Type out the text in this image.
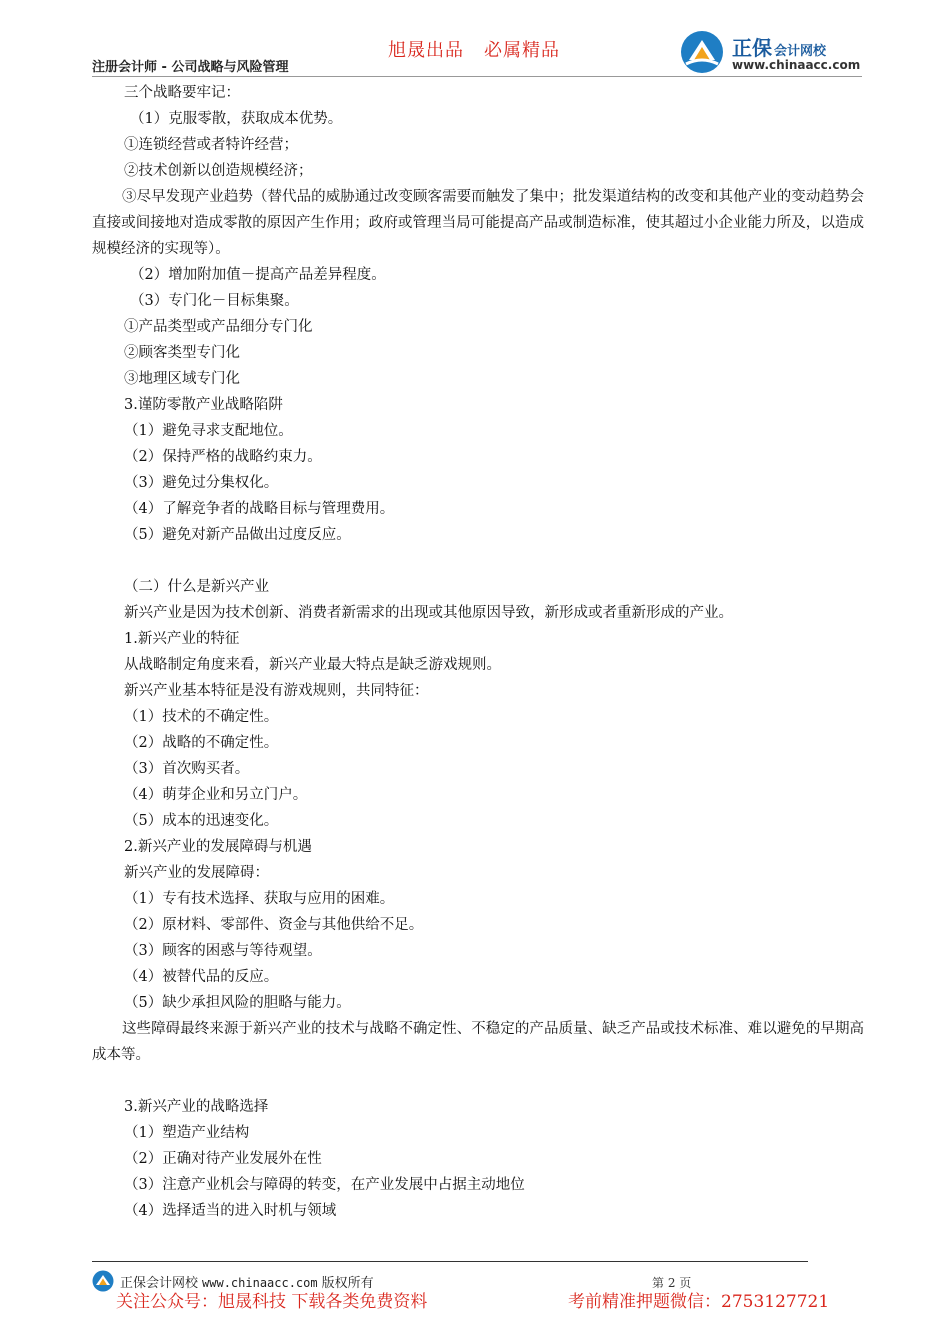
注册会计师 - 公司战略与风险管理
旭晟出品 必属精品	正保 会计网校
www.chinaacc.com

三个战略要牢记：

（1）克服零散，获取成本优势。

①连锁经营或者特许经营；

②技术创新以创造规模经济；

③尽早发现产业趋势（替代品的威胁通过改变顾客需要而触发了集中；批发渠道结构的改变和其他产业的变动趋势会直接或间接地对造成零散的原因产生作用；政府或管理当局可能提高产品或制造标准，使其超过小企业能力所及，以造成规模经济的实现等）。

（2）增加附加值－提高产品差异程度。

（3）专门化－目标集聚。

①产品类型或产品细分专门化

②顾客类型专门化

③地理区域专门化

3.谨防零散产业战略陷阱

（1）避免寻求支配地位。

（2）保持严格的战略约束力。

（3）避免过分集权化。

（4）了解竞争者的战略目标与管理费用。

（5）避免对新产品做出过度反应。

（二）什么是新兴产业

新兴产业是因为技术创新、消费者新需求的出现或其他原因导致，新形成或者重新形成的产业。

1.新兴产业的特征

从战略制定角度来看，新兴产业最大特点是缺乏游戏规则。

新兴产业基本特征是没有游戏规则，共同特征：

（1）技术的不确定性。

（2）战略的不确定性。

（3）首次购买者。

（4）萌芽企业和另立门户。

（5）成本的迅速变化。

2.新兴产业的发展障碍与机遇

新兴产业的发展障碍：

（1）专有技术选择、获取与应用的困难。

（2）原材料、零部件、资金与其他供给不足。

（3）顾客的困惑与等待观望。

（4）被替代品的反应。

（5）缺少承担风险的胆略与能力。

这些障碍最终来源于新兴产业的技术与战略不确定性、不稳定的产品质量、缺乏产品或技术标准、难以避免的早期高成本等。

3.新兴产业的战略选择

（1）塑造产业结构

（2）正确对待产业发展外在性

（3）注意产业机会与障碍的转变，在产业发展中占据主动地位

（4）选择适当的进入时机与领域

正保会计网校 www.chinaacc.com 版权所有	第 2 页
关注公众号：旭晟科技 下载各类免费资料	考前精准押题微信：2753127721
